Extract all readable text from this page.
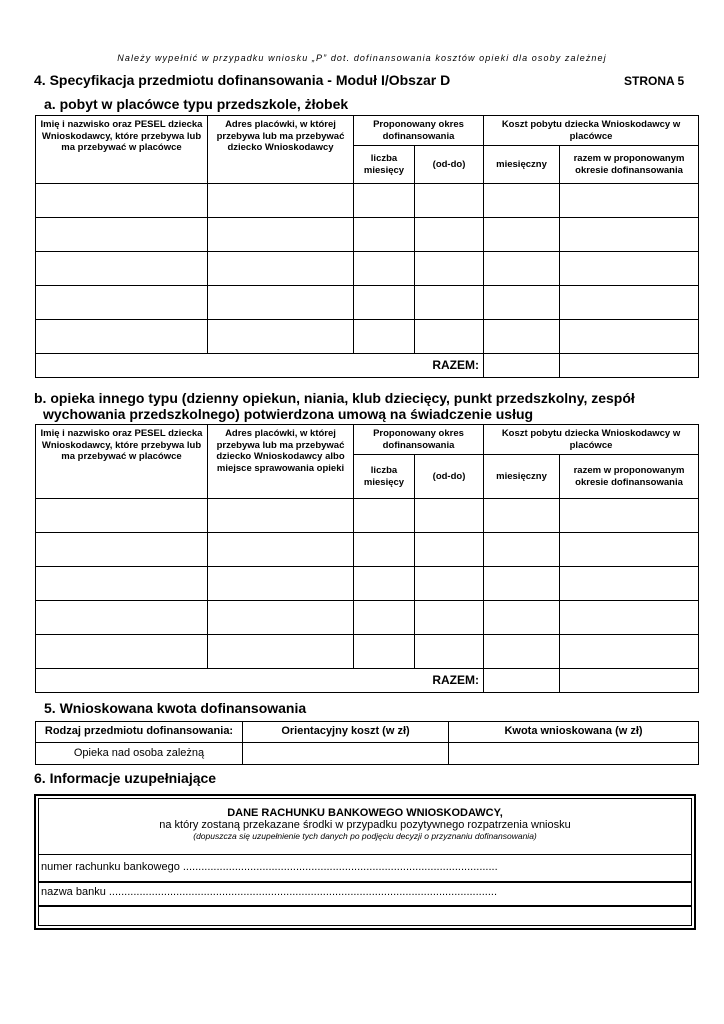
Należy wypełnić w przypadku wniosku „P” dot. dofinansowania kosztów opieki dla osoby zależnej
4. Specyfikacja przedmiotu dofinansowania - Moduł I/Obszar D	STRONA 5
a. pobyt w placówce typu przedszkole, żłobek
Imię i nazwisko oraz PESEL dziecka Wnioskodawcy, które przebywa lub ma przebywać w placówce	Adres placówki, w której przebywa lub ma przebywać dziecko Wnioskodawcy	Proponowany okres dofinansowania		Koszt pobytu dziecka Wnioskodawcy w placówce	
		liczba miesięcy	(od-do)	miesięczny	razem w proponowanym okresie dofinansowania

RAZEM:					
b. opieka innego typu (dzienny opiekun, niania, klub dziecięcy, punkt przedszkolny, zespół
wychowania przedszkolnego) potwierdzona umową na świadczenie usług
Imię i nazwisko oraz PESEL dziecka Wnioskodawcy, które przebywa lub ma przebywać w placówce	Adres placówki, w której przebywa lub ma przebywać dziecko Wnioskodawcy albo miejsce sprawowania opieki	Proponowany okres dofinansowania		Koszt pobytu dziecka Wnioskodawcy w placówce	
		liczba miesięcy	(od-do)	miesięczny	razem w proponowanym okresie dofinansowania

RAZEM:					
5. Wnioskowana kwota dofinansowania
Rodzaj przedmiotu dofinansowania:	Orientacyjny koszt (w zł)	Kwota wnioskowana (w zł)
Opieka nad osoba zależną		
6. Informacje uzupełniające
DANE RACHUNKU BANKOWEGO WNIOSKODAWCY,
na który zostaną przekazane środki w przypadku pozytywnego rozpatrzenia wniosku
(dopuszcza się uzupełnienie tych danych po podjęciu decyzji o przyznaniu dofinansowania)
numer rachunku bankowego .......................................................................................................
nazwa banku ...............................................................................................................................
